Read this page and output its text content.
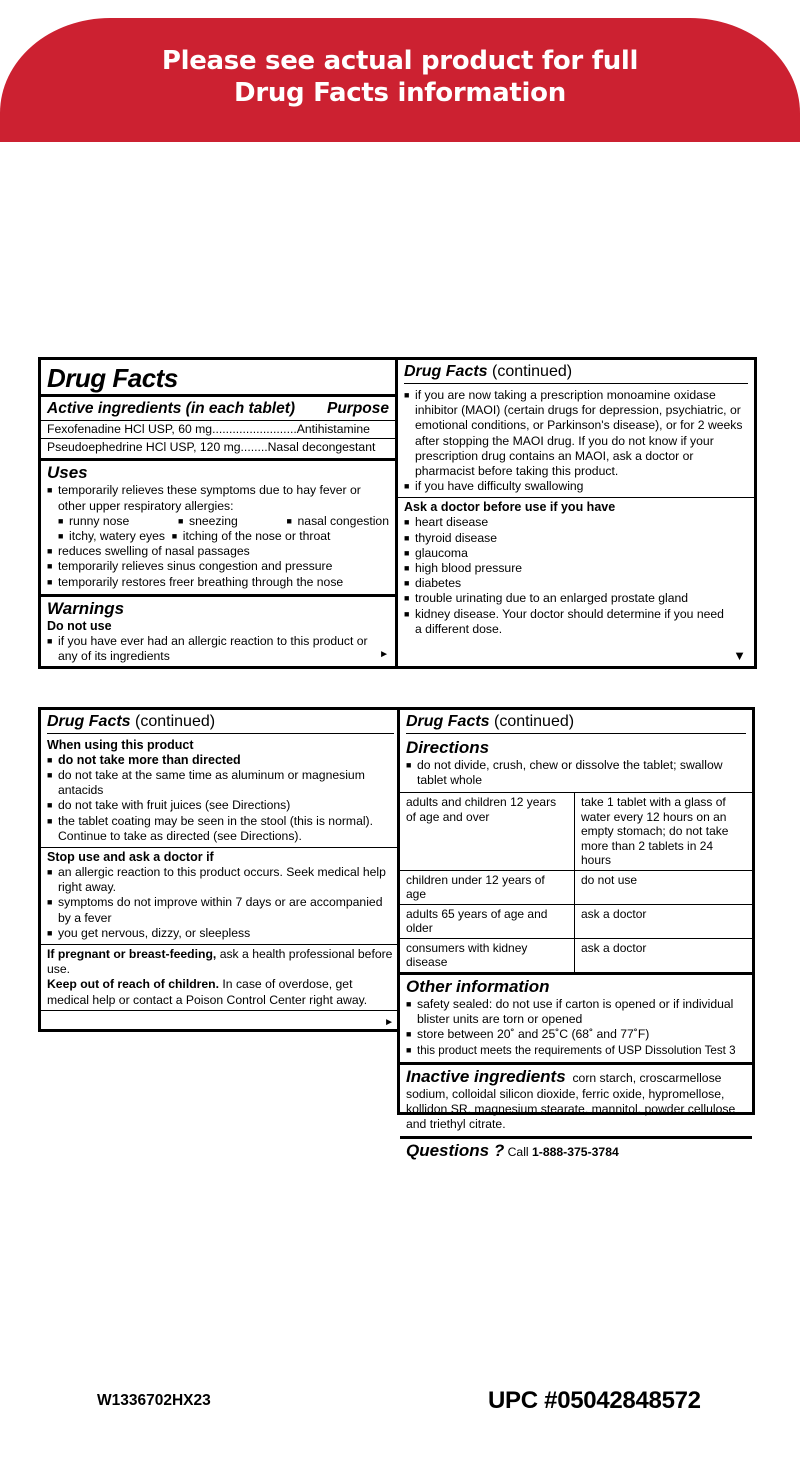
Please see actual product for full
Drug Facts information
Drug Facts
Active ingredients (in each tablet) Purpose
Fexofenadine HCl USP, 60 mg.........................Antihistamine
Pseudoephedrine HCl USP, 120 mg........Nasal decongestant
Uses
■ temporarily relieves these symptoms due to hay fever or other upper respiratory allergies:
■ runny nose	■ sneezing	■ nasal congestion
■ itchy, watery eyes ■ itching of the nose or throat
■ reduces swelling of nasal passages
■ temporarily relieves sinus congestion and pressure
■ temporarily restores freer breathing through the nose
Warnings
Do not use
■ if you have ever had an allergic reaction to this product or any of its ingredients	►
Drug Facts (continued)
■ if you are now taking a prescription monoamine oxidase inhibitor (MAOI) (certain drugs for depression, psychiatric, or emotional conditions, or Parkinson's disease), or for 2 weeks after stopping the MAOI drug. If you do not know if your prescription drug contains an MAOI, ask a doctor or pharmacist before taking this product.
■ if you have difficulty swallowing
Ask a doctor before use if you have
■ heart disease
■ thyroid disease
■ glaucoma
■ high blood pressure
■ diabetes
■ trouble urinating due to an enlarged prostate gland
■ kidney disease. Your doctor should determine if you need a different dose.
▼
Drug Facts (continued)
When using this product
■ do not take more than directed
■ do not take at the same time as aluminum or magnesium antacids
■ do not take with fruit juices (see Directions)
■ the tablet coating may be seen in the stool (this is normal). Continue to take as directed (see Directions).
Stop use and ask a doctor if
■ an allergic reaction to this product occurs. Seek medical help right away.
■ symptoms do not improve within 7 days or are accompanied by a fever
■ you get nervous, dizzy, or sleepless
If pregnant or breast-feeding, ask a health professional before use.
Keep out of reach of children. In case of overdose, get medical help or contact a Poison Control Center right away.
►
Drug Facts (continued)
Directions
■ do not divide, crush, chew or dissolve the tablet; swallow tablet whole
adults and children 12 years of age and over	take 1 tablet with a glass of water every 12 hours on an empty stomach; do not take more than 2 tablets in 24 hours
children under 12 years of age	do not use
adults 65 years of age and older	ask a doctor
consumers with kidney disease	ask a doctor
Other information
■ safety sealed: do not use if carton is opened or if individual blister units are torn or opened
■ store between 20˚ and 25˚C (68˚ and 77˚F)
■ this product meets the requirements of USP Dissolution Test 3
Inactive ingredients corn starch, croscarmellose sodium, colloidal silicon dioxide, ferric oxide, hypromellose, kollidon SR, magnesium stearate, mannitol, powder cellulose and triethyl citrate.
Questions ? Call 1-888-375-3784
W1336702HX23	UPC #05042848572
